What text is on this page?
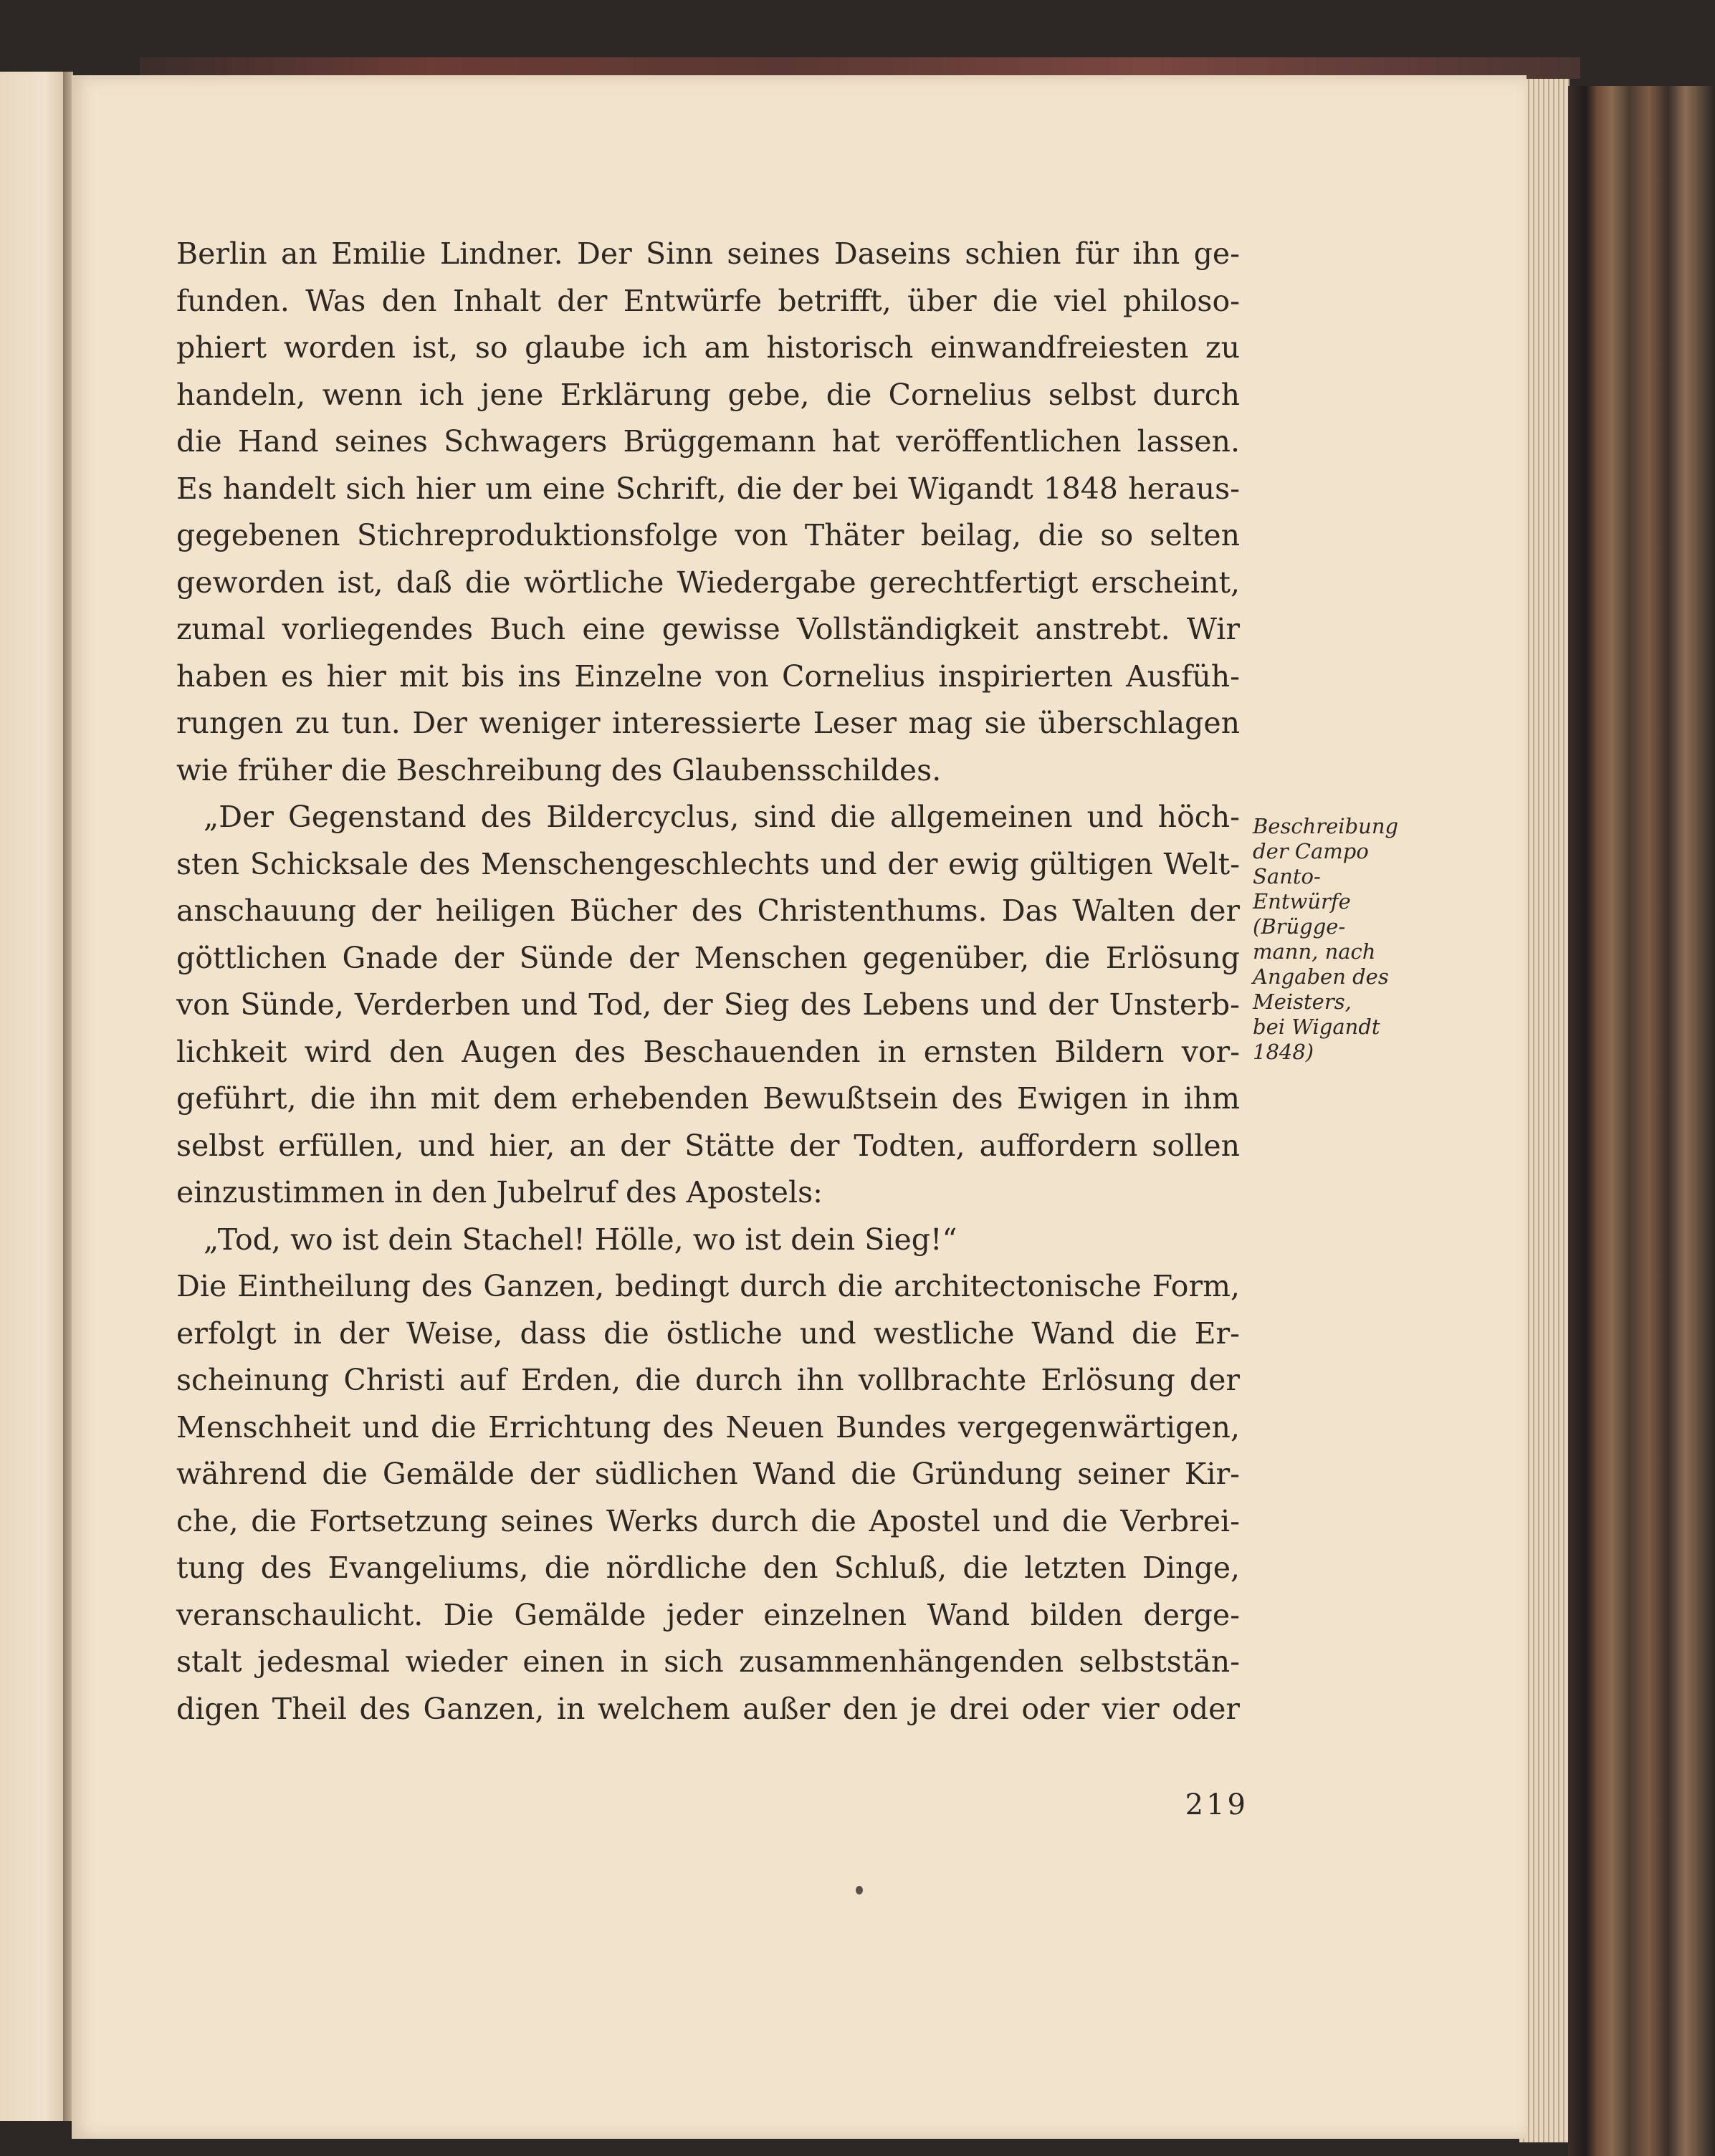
Berlin an Emilie Lindner. Der Sinn seines Daseins schien für ihn ge-
funden. Was den Inhalt der Entwürfe betrifft, über die viel philoso-
phiert worden ist, so glaube ich am historisch einwandfreiesten zu
handeln, wenn ich jene Erklärung gebe, die Cornelius selbst durch
die Hand seines Schwagers Brüggemann hat veröffentlichen lassen.
Es handelt sich hier um eine Schrift, die der bei Wigandt 1848 heraus-
gegebenen Stichreproduktionsfolge von Thäter beilag, die so selten
geworden ist, daß die wörtliche Wiedergabe gerechtfertigt erscheint,
zumal vorliegendes Buch eine gewisse Vollständigkeit anstrebt. Wir
haben es hier mit bis ins Einzelne von Cornelius inspirierten Ausfüh-
rungen zu tun. Der weniger interessierte Leser mag sie überschlagen
wie früher die Beschreibung des Glaubensschildes.
„Der Gegenstand des Bildercyclus, sind die allgemeinen und höch-
sten Schicksale des Menschengeschlechts und der ewig gültigen Welt-
anschauung der heiligen Bücher des Christenthums. Das Walten der
göttlichen Gnade der Sünde der Menschen gegenüber, die Erlösung
von Sünde, Verderben und Tod, der Sieg des Lebens und der Unsterb-
lichkeit wird den Augen des Beschauenden in ernsten Bildern vor-
geführt, die ihn mit dem erhebenden Bewußtsein des Ewigen in ihm
selbst erfüllen, und hier, an der Stätte der Todten, auffordern sollen
einzustimmen in den Jubelruf des Apostels:
„Tod, wo ist dein Stachel! Hölle, wo ist dein Sieg!“
Die Eintheilung des Ganzen, bedingt durch die architectonische Form,
erfolgt in der Weise, dass die östliche und westliche Wand die Er-
scheinung Christi auf Erden, die durch ihn vollbrachte Erlösung der
Menschheit und die Errichtung des Neuen Bundes vergegenwärtigen,
während die Gemälde der südlichen Wand die Gründung seiner Kir-
che, die Fortsetzung seines Werks durch die Apostel und die Verbrei-
tung des Evangeliums, die nördliche den Schluß, die letzten Dinge,
veranschaulicht. Die Gemälde jeder einzelnen Wand bilden derge-
stalt jedesmal wieder einen in sich zusammenhängenden selbststän-
digen Theil des Ganzen, in welchem außer den je drei oder vier oder
Beschreibung
der Campo
Santo-
Entwürfe
(Brügge-
mann, nach
Angaben des
Meisters,
bei Wigandt
1848)
219
